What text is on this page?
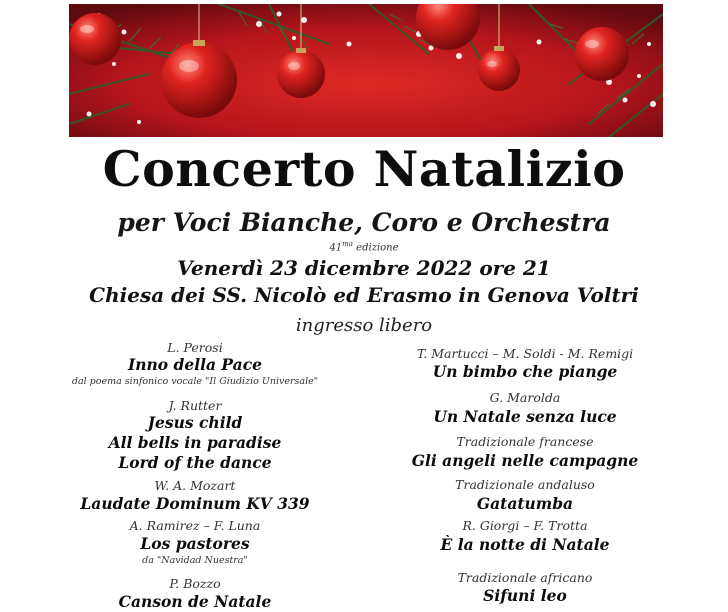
Concerto Natalizio
per Voci Bianche, Coro e Orchestra
$41^{ma}$ edizione
Venerdì 23 dicembre 2022 ore 21
Chiesa dei SS. Nicolò ed Erasmo in Genova Voltri
ingresso libero
L. Perosi
Inno della Pace
dal poema sinfonico vocale "Il Giudizio Universale"
J. Rutter
Jesus child
All bells in paradise
Lord of the dance
W. A. Mozart
Laudate Dominum KV 339
A. Ramirez – F. Luna
Los pastores
da "Navidad Nuestra"
P. Bozzo
Canson de Natale
T. Martucci – M. Soldi - M. Remigi
Un bimbo che piange
G. Marolda
Un Natale senza luce
Tradizionale francese
Gli angeli nelle campagne
Tradizionale andaluso
Gatatumba
R. Giorgi – F. Trotta
È la notte di Natale
Tradizionale africano
Sifuni leo
